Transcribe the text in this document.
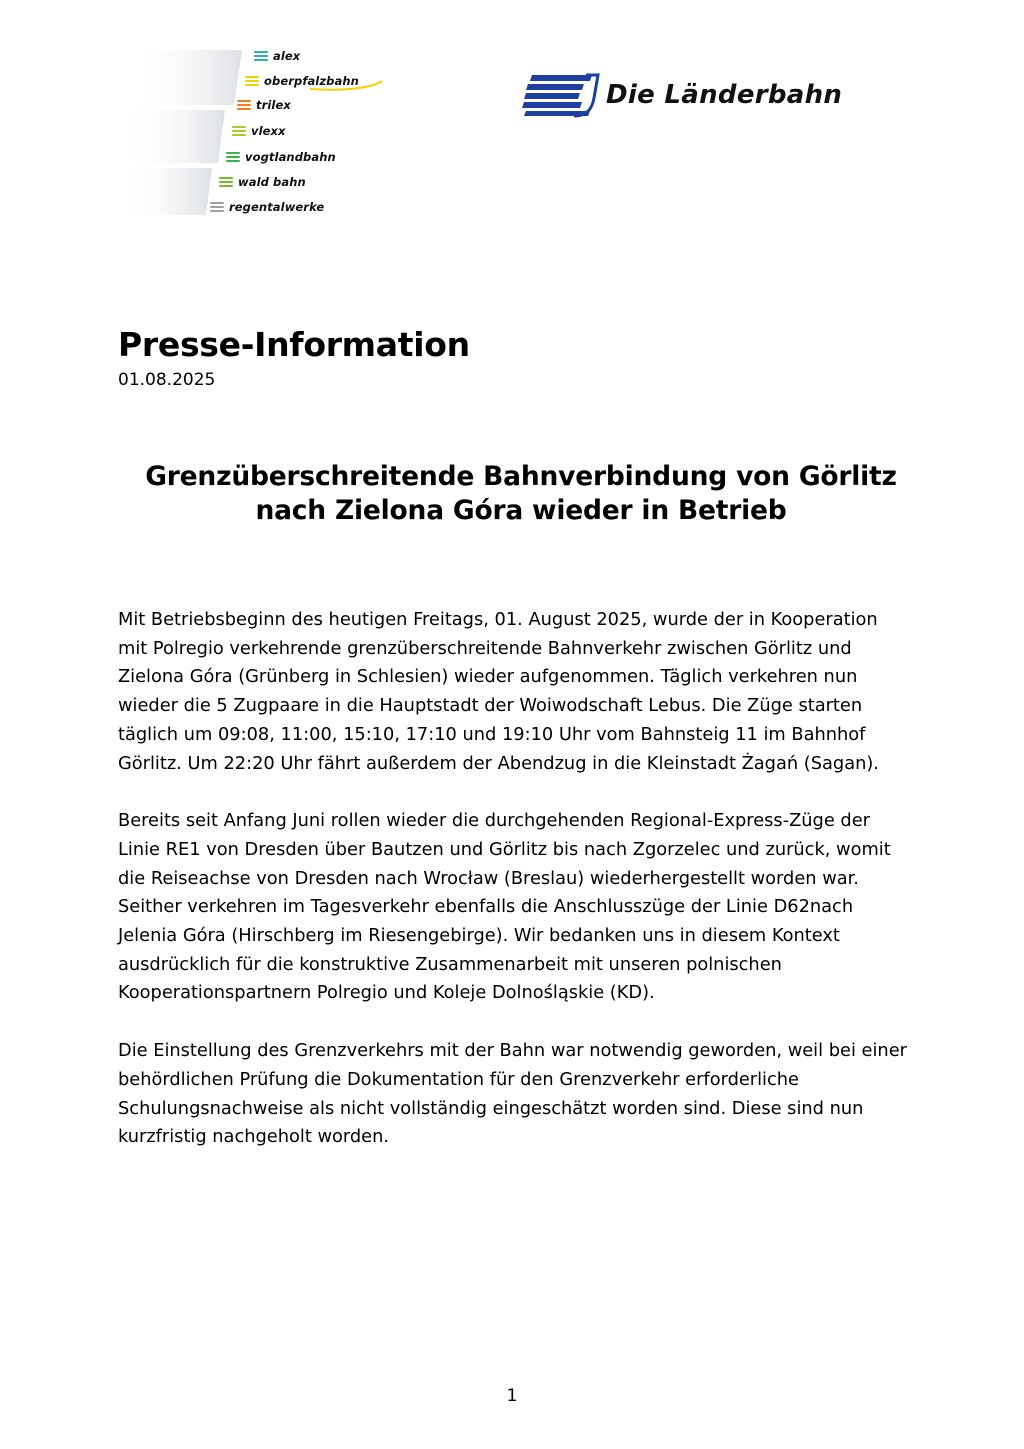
alex
oberpfalzbahn
trilex
vlexx
vogtlandbahn
wald bahn
regentalwerke
Die Länderbahn
Presse-Information
01.08.2025
Grenzüberschreitende Bahnverbindung von Görlitz
nach Zielona Góra wieder in Betrieb

Mit Betriebsbeginn des heutigen Freitags, 01. August 2025, wurde der in Kooperation
mit Polregio verkehrende grenzüberschreitende Bahnverkehr zwischen Görlitz und
Zielona Góra (Grünberg in Schlesien) wieder aufgenommen. Täglich verkehren nun
wieder die 5 Zugpaare in die Hauptstadt der Woiwodschaft Lebus. Die Züge starten
täglich um 09:08, 11:00, 15:10, 17:10 und 19:10 Uhr vom Bahnsteig 11 im Bahnhof
Görlitz. Um 22:20 Uhr fährt außerdem der Abendzug in die Kleinstadt Żagań (Sagan).

Bereits seit Anfang Juni rollen wieder die durchgehenden Regional-Express-Züge der
Linie RE1 von Dresden über Bautzen und Görlitz bis nach Zgorzelec und zurück, womit
die Reiseachse von Dresden nach Wrocław (Breslau) wiederhergestellt worden war.
Seither verkehren im Tagesverkehr ebenfalls die Anschlusszüge der Linie D62nach
Jelenia Góra (Hirschberg im Riesengebirge). Wir bedanken uns in diesem Kontext
ausdrücklich für die konstruktive Zusammenarbeit mit unseren polnischen
Kooperationspartnern Polregio und Koleje Dolnośląskie (KD).

Die Einstellung des Grenzverkehrs mit der Bahn war notwendig geworden, weil bei einer
behördlichen Prüfung die Dokumentation für den Grenzverkehr erforderliche
Schulungsnachweise als nicht vollständig eingeschätzt worden sind. Diese sind nun
kurzfristig nachgeholt worden.

1
